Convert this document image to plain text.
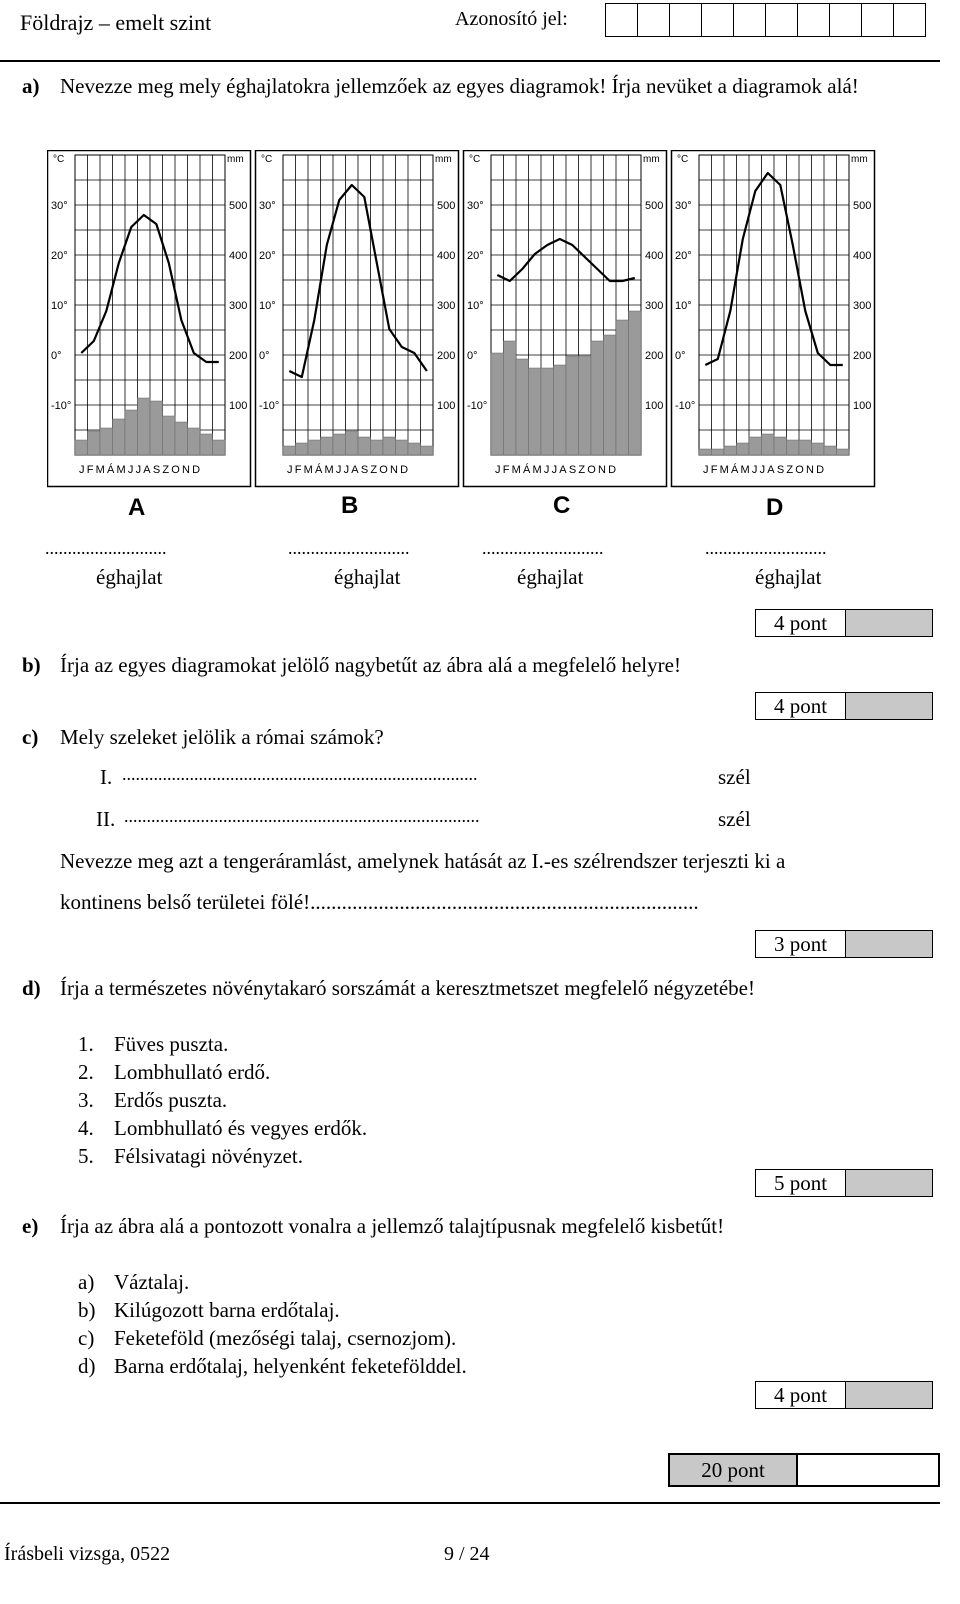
Földrajz – emelt szint	Azonosító jel:
a) Nevezze meg mely éghajlatokra jellemzőek az egyes diagramok! Írja nevüket a diagramok alá!
°C	mm
30°
20°
10°
0°
-10°
500
400
300
200
100
JFMÁMJJASZOND
°C	mm
30°
20°
10°
0°
-10°
500
400
300
200
100
JFMÁMJJASZOND
°C	mm
30°
20°
10°
0°
-10°
500
400
300
200
100
JFMÁMJJASZOND
°C	mm
30°
20°
10°
0°
-10°
500
400
300
200
100
JFMÁMJJASZOND
A	B	C	D
...........................	...........................	...........................	...........................
éghajlat	éghajlat	éghajlat	éghajlat
4 pont
b) Írja az egyes diagramokat jelölő nagybetűt az ábra alá a megfelelő helyre!
4 pont
c) Mely szeleket jelölik a római számok?
I. ...............................................................................	szél
II. ...............................................................................	szél
Nevezze meg azt a tengeráramlást, amelynek hatását az I.-es szélrendszer terjeszti ki a
kontinens belső területei fölé!..........................................................................
3 pont
d) Írja a természetes növénytakaró sorszámát a keresztmetszet megfelelő négyzetébe!
1. Füves puszta.
2. Lombhullató erdő.
3. Erdős puszta.
4. Lombhullató és vegyes erdők.
5. Félsivatagi növényzet.
5 pont
e) Írja az ábra alá a pontozott vonalra a jellemző talajtípusnak megfelelő kisbetűt!
a) Váztalaj.
b) Kilúgozott barna erdőtalaj.
c) Feketeföld (mezőségi talaj, csernozjom).
d) Barna erdőtalaj, helyenként feketefölddel.
4 pont
20 pont
Írásbeli vizsga, 0522	9 / 24
